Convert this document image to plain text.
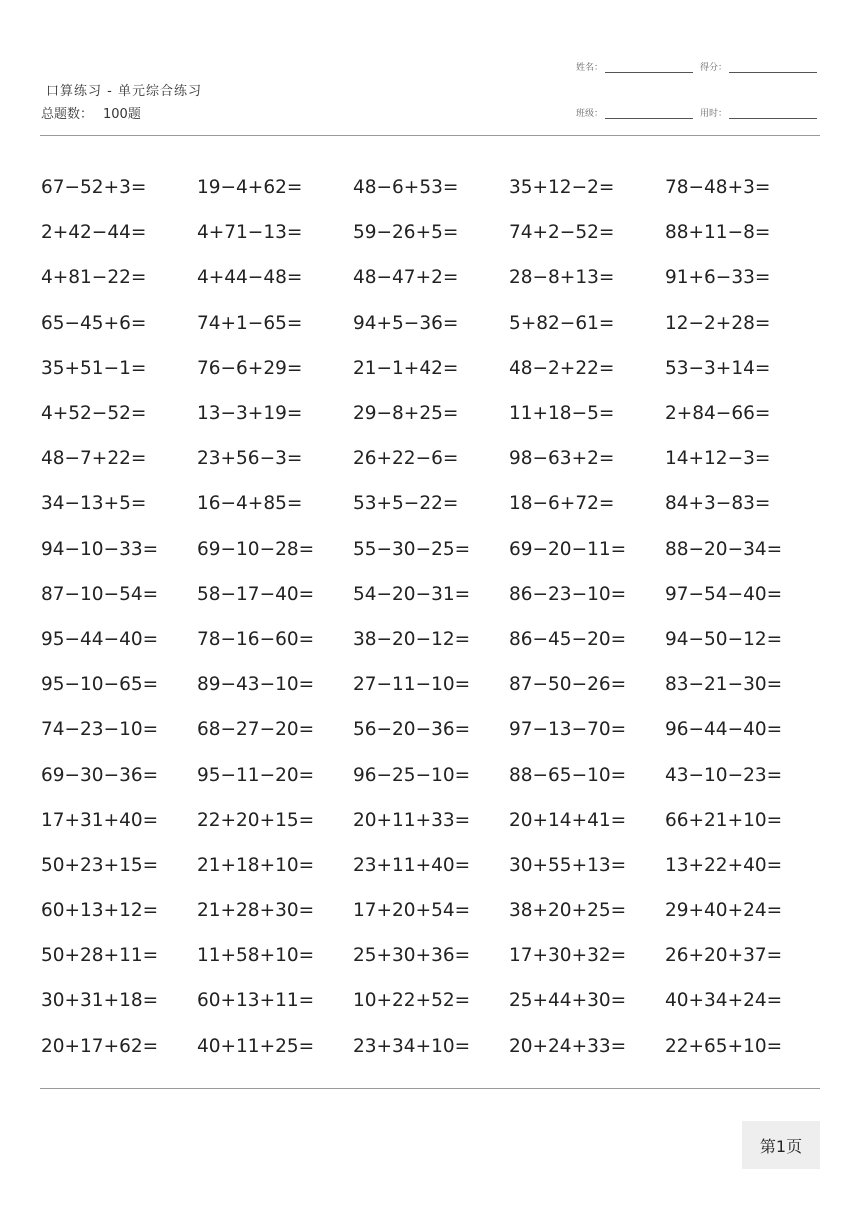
口算练习 - 单元综合练习
总题数： 100题
姓名：	得分：
班级：	用时：
67−52+3=	19−4+62=	48−6+53=	35+12−2=	78−48+3=
2+42−44=	4+71−13=	59−26+5=	74+2−52=	88+11−8=
4+81−22=	4+44−48=	48−47+2=	28−8+13=	91+6−33=
65−45+6=	74+1−65=	94+5−36=	5+82−61=	12−2+28=
35+51−1=	76−6+29=	21−1+42=	48−2+22=	53−3+14=
4+52−52=	13−3+19=	29−8+25=	11+18−5=	2+84−66=
48−7+22=	23+56−3=	26+22−6=	98−63+2=	14+12−3=
34−13+5=	16−4+85=	53+5−22=	18−6+72=	84+3−83=
94−10−33=	69−10−28=	55−30−25=	69−20−11=	88−20−34=
87−10−54=	58−17−40=	54−20−31=	86−23−10=	97−54−40=
95−44−40=	78−16−60=	38−20−12=	86−45−20=	94−50−12=
95−10−65=	89−43−10=	27−11−10=	87−50−26=	83−21−30=
74−23−10=	68−27−20=	56−20−36=	97−13−70=	96−44−40=
69−30−36=	95−11−20=	96−25−10=	88−65−10=	43−10−23=
17+31+40=	22+20+15=	20+11+33=	20+14+41=	66+21+10=
50+23+15=	21+18+10=	23+11+40=	30+55+13=	13+22+40=
60+13+12=	21+28+30=	17+20+54=	38+20+25=	29+40+24=
50+28+11=	11+58+10=	25+30+36=	17+30+32=	26+20+37=
30+31+18=	60+13+11=	10+22+52=	25+44+30=	40+34+24=
20+17+62=	40+11+25=	23+34+10=	20+24+33=	22+65+10=
第1页
